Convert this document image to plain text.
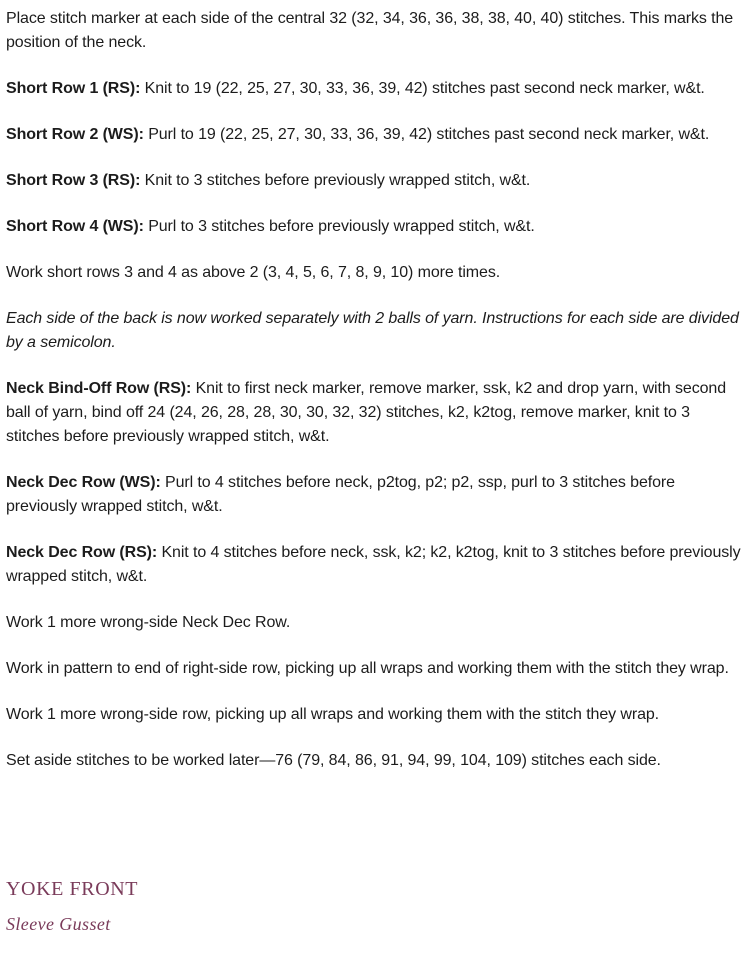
Place stitch marker at each side of the central 32 (32, 34, 36, 36, 38, 38, 40, 40) stitches. This marks the position of the neck.

Short Row 1 (RS): Knit to 19 (22, 25, 27, 30, 33, 36, 39, 42) stitches past second neck marker, w&t.

Short Row 2 (WS): Purl to 19 (22, 25, 27, 30, 33, 36, 39, 42) stitches past second neck marker, w&t.

Short Row 3 (RS): Knit to 3 stitches before previously wrapped stitch, w&t.

Short Row 4 (WS): Purl to 3 stitches before previously wrapped stitch, w&t.

Work short rows 3 and 4 as above 2 (3, 4, 5, 6, 7, 8, 9, 10) more times.

Each side of the back is now worked separately with 2 balls of yarn. Instructions for each side are divided by a semicolon.

Neck Bind-Off Row (RS): Knit to first neck marker, remove marker, ssk, k2 and drop yarn, with second ball of yarn, bind off 24 (24, 26, 28, 28, 30, 30, 32, 32) stitches, k2, k2tog, remove marker, knit to 3 stitches before previously wrapped stitch, w&t.

Neck Dec Row (WS): Purl to 4 stitches before neck, p2tog, p2; p2, ssp, purl to 3 stitches before previously wrapped stitch, w&t.

Neck Dec Row (RS): Knit to 4 stitches before neck, ssk, k2; k2, k2tog, knit to 3 stitches before previously wrapped stitch, w&t.

Work 1 more wrong-side Neck Dec Row.

Work in pattern to end of right-side row, picking up all wraps and working them with the stitch they wrap.

Work 1 more wrong-side row, picking up all wraps and working them with the stitch they wrap.

Set aside stitches to be worked later—76 (79, 84, 86, 91, 94, 99, 104, 109) stitches each side.

YOKE FRONT
Sleeve Gusset
